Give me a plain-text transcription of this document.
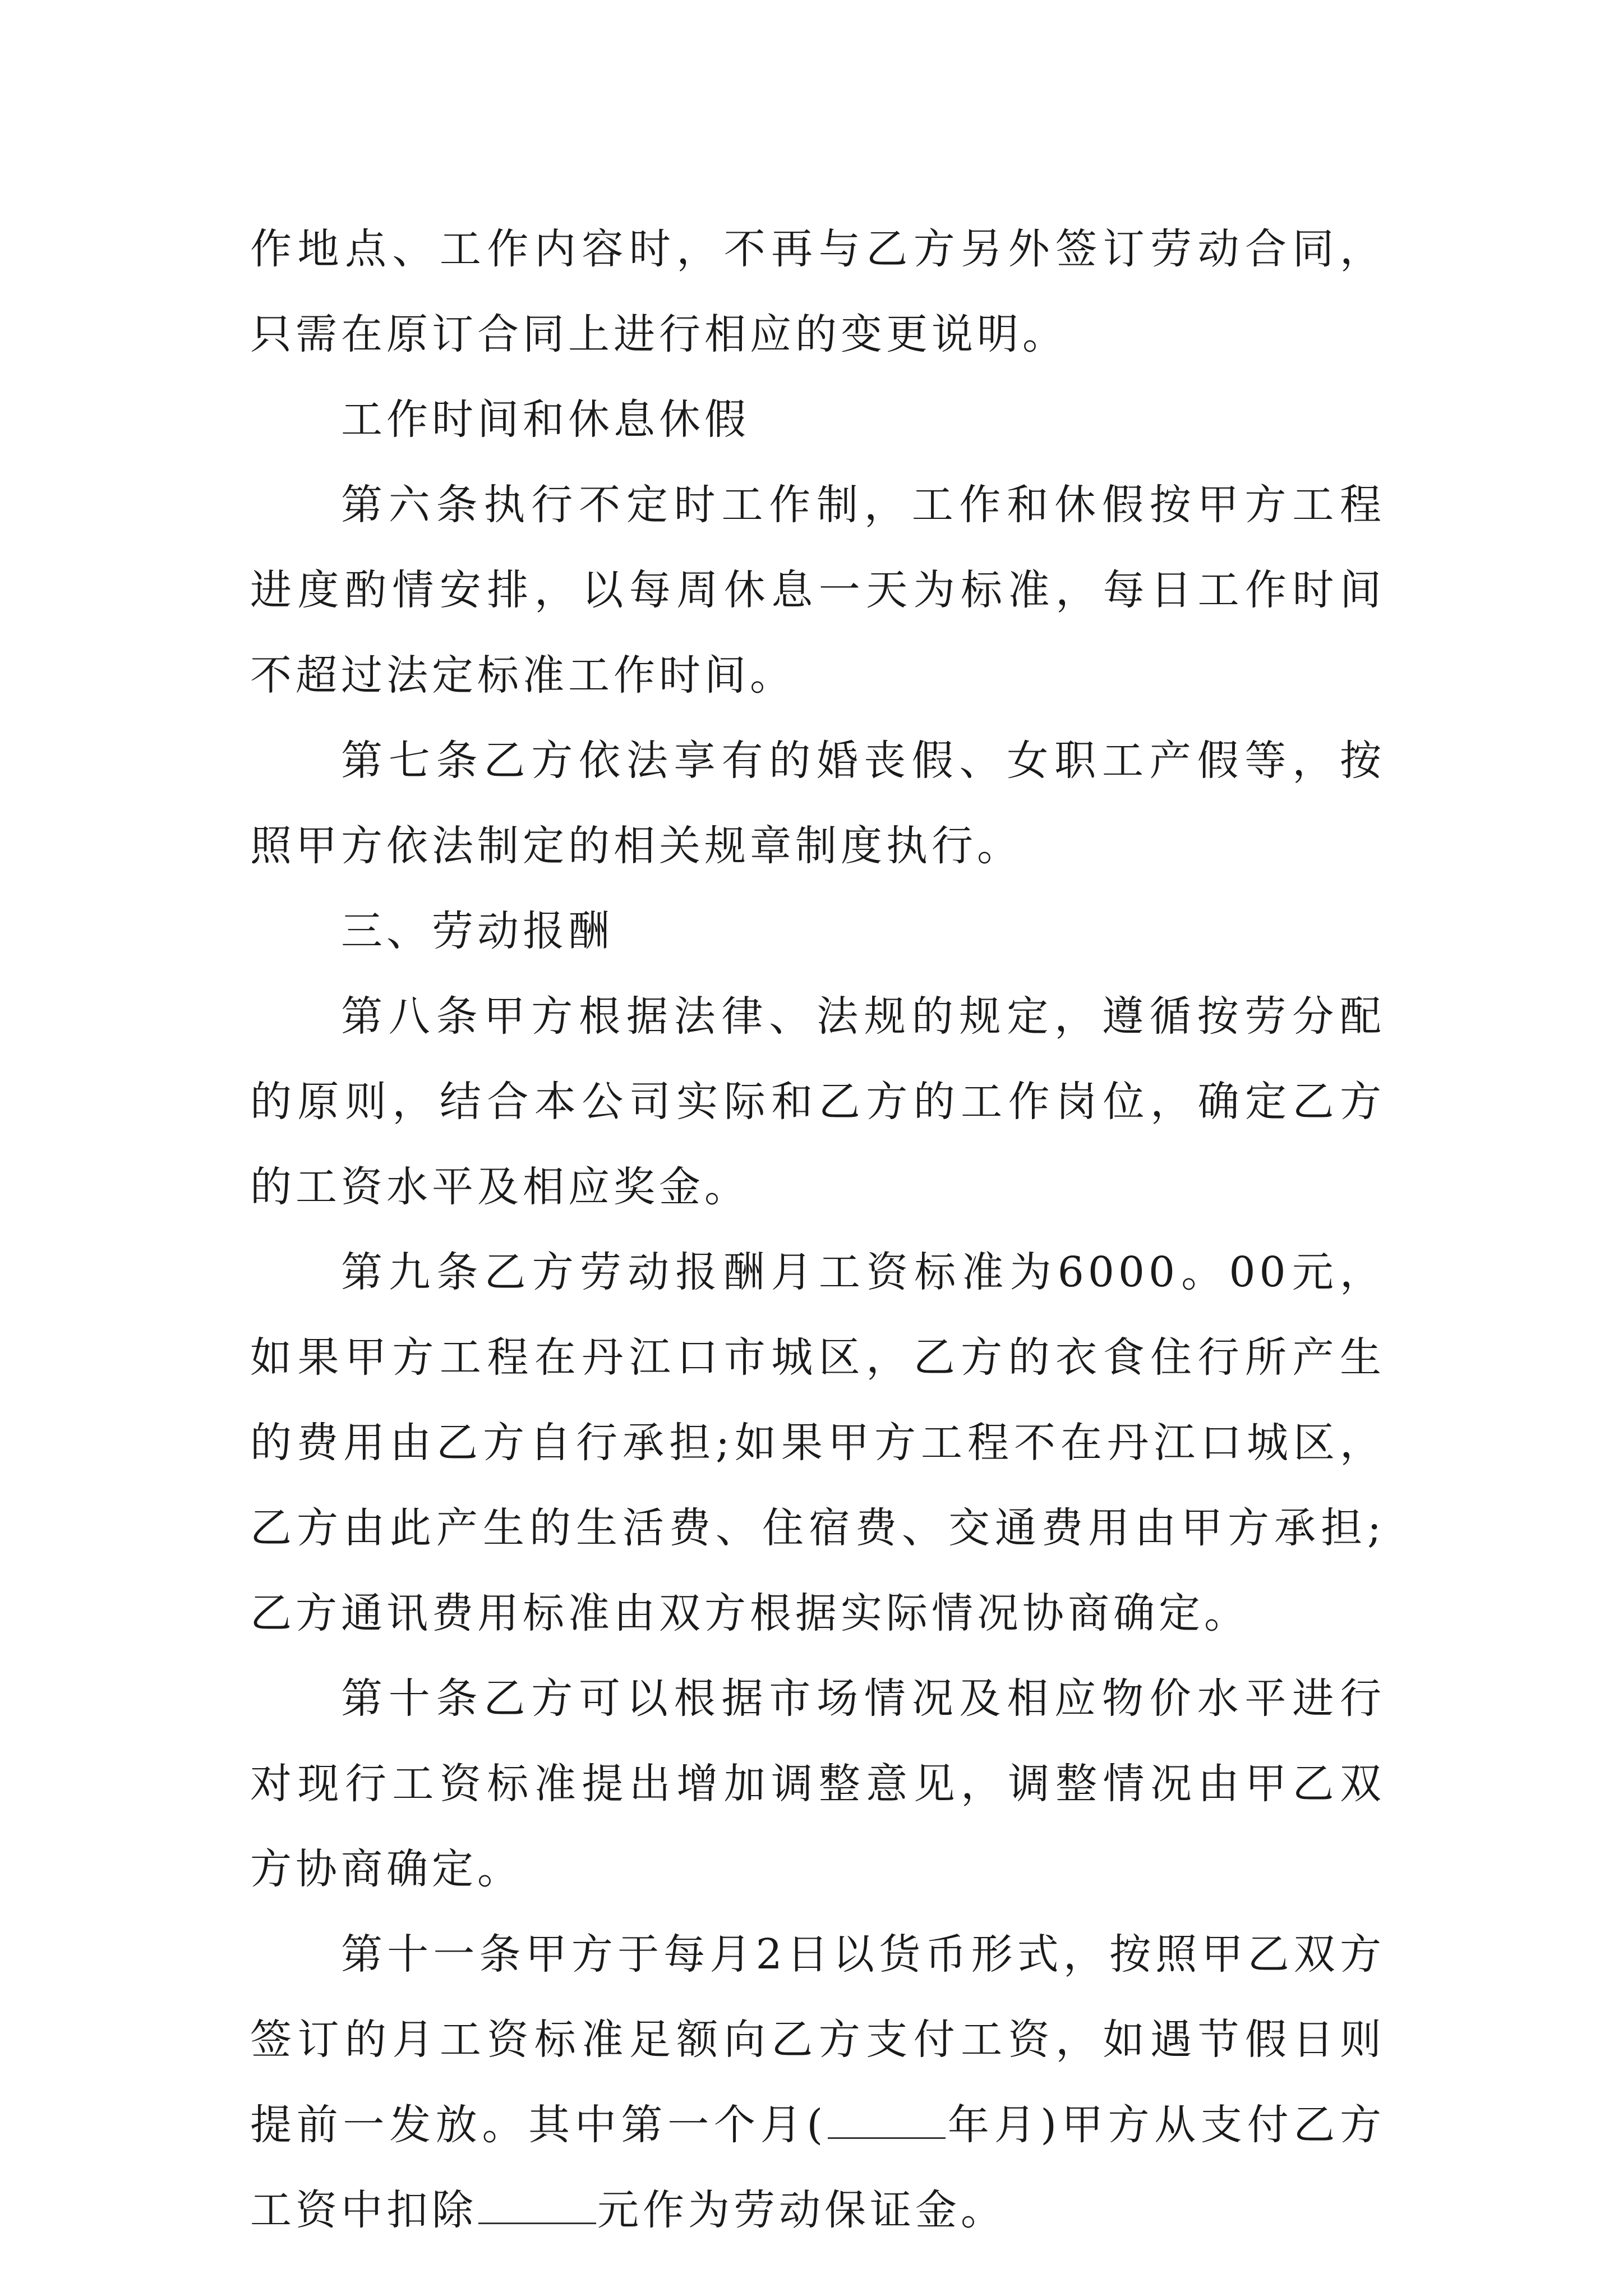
作地点、工作内容时，不再与乙方另外签订劳动合同，只需在原订合同上进行相应的变更说明。

工作时间和休息休假

第六条执行不定时工作制，工作和休假按甲方工程进度酌情安排，以每周休息一天为标准，每日工作时间不超过法定标准工作时间。

第七条乙方依法享有的婚丧假、女职工产假等，按照甲方依法制定的相关规章制度执行。

三、劳动报酬

第八条甲方根据法律、法规的规定，遵循按劳分配的原则，结合本公司实际和乙方的工作岗位，确定乙方的工资水平及相应奖金。

第九条乙方劳动报酬月工资标准为6000。00元，如果甲方工程在丹江口市城区，乙方的衣食住行所产生的费用由乙方自行承担;如果甲方工程不在丹江口城区，乙方由此产生的生活费、住宿费、交通费用由甲方承担;乙方通讯费用标准由双方根据实际情况协商确定。

第十条乙方可以根据市场情况及相应物价水平进行对现行工资标准提出增加调整意见，调整情况由甲乙双方协商确定。

第十一条甲方于每月2日以货币形式，按照甲乙双方签订的月工资标准足额向乙方支付工资，如遇节假日则提前一发放。其中第一个月(	年月)甲方从支付乙方工资中扣除	元作为劳动保证金。
